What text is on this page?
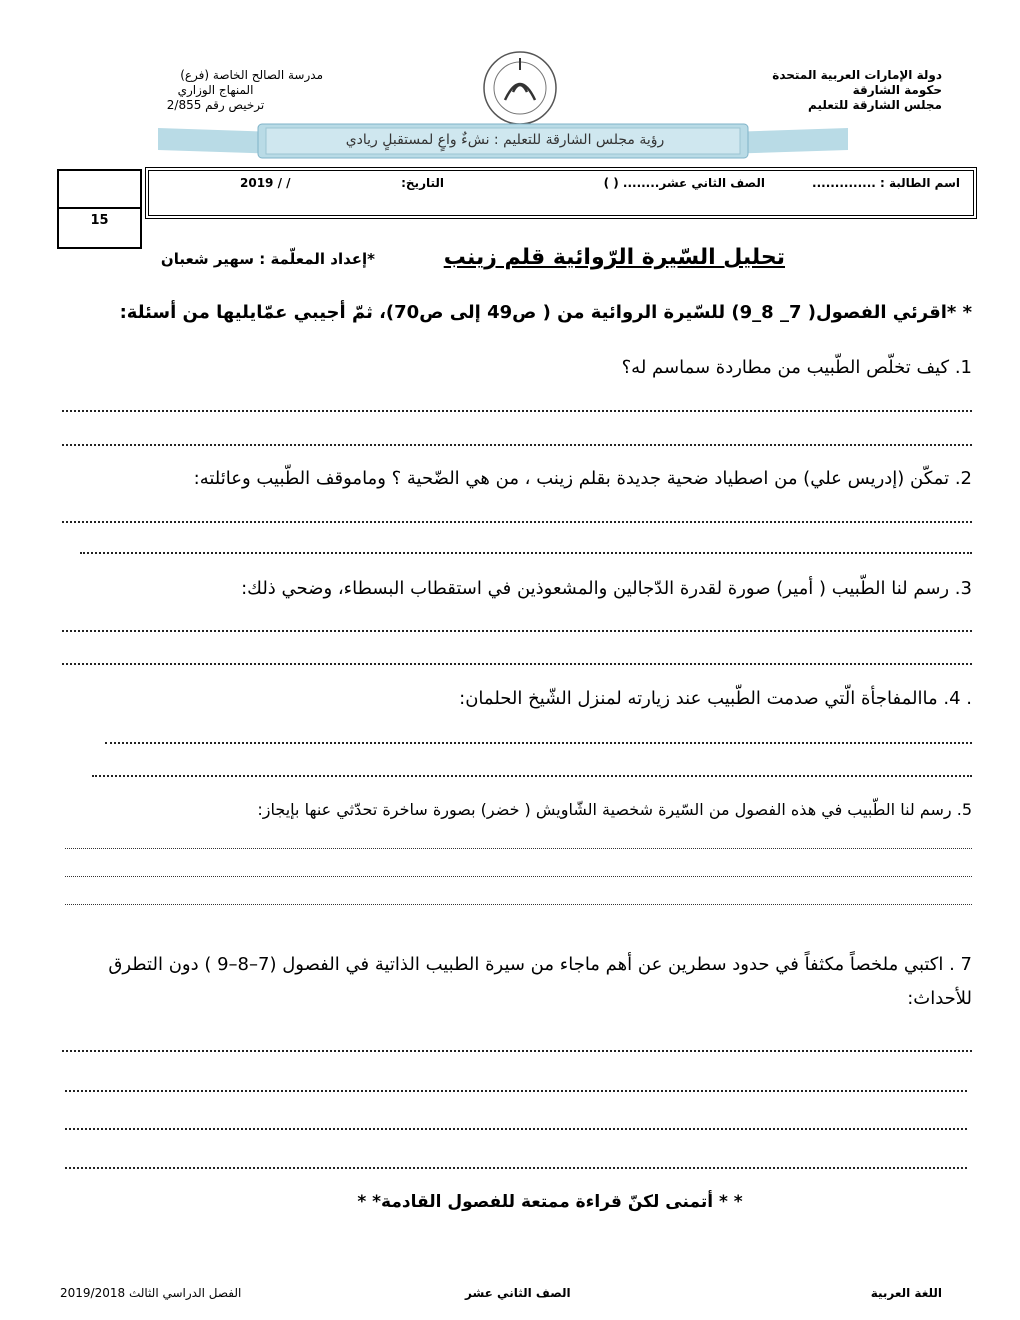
دولة الإمارات العربية المتحدة
حكومة الشارقة
مجلس الشارقة للتعليم
مدرسة الصالح الخاصة (فرع)
المنهاج الوزاري
ترخيص رقم 2/855
رؤية مجلس الشارقة للتعليم : نشءٌ واعٍ لمستقبلٍ ريادي
اسم الطالبة : ..............
الصف الثاني عشر........ ( )
التاريخ:
2019 / /
15
تحليل السّيرة الرّوائية قلم زينب
*إعداد المعلّمة : سهير شعبان
* *اقرئي الفصول( 7_ 8_9) للسّيرة الروائية من ( ص49 إلى ص70)، ثمّ أجيبي عمّايليها من أسئلة:
1. كيف تخلّص الطّبيب من مطاردة سماسم له؟
2. تمكّن (إدريس علي) من اصطياد ضحية جديدة بقلم زينب ، من هي الضّحية ؟ وماموقف الطّبيب وعائلته:
3. رسم لنا الطّبيب ( أمير) صورة لقدرة الدّجالين والمشعوذين في استقطاب البسطاء، وضحي ذلك:
. 4. ماالمفاجأة الّتي صدمت الطّبيب عند زيارته لمنزل الشّيخ الحلمان:
5. رسم لنا الطّبيب في هذه الفصول من السّيرة شخصية الشّاويش ( خضر) بصورة ساخرة تحدّثي عنها بإيجاز:
7 . اكتبي ملخصاً مكثفاً في حدود سطرين عن أهم ماجاء من سيرة الطبيب الذاتية في الفصول (7–8–9 ) دون التطرق للأحداث:
* * أتمنى لكنّ قراءة ممتعة للفصول القادمة* *
اللغة العربية
الصف الثاني عشر
الفصل الدراسي الثالث 2019/2018
